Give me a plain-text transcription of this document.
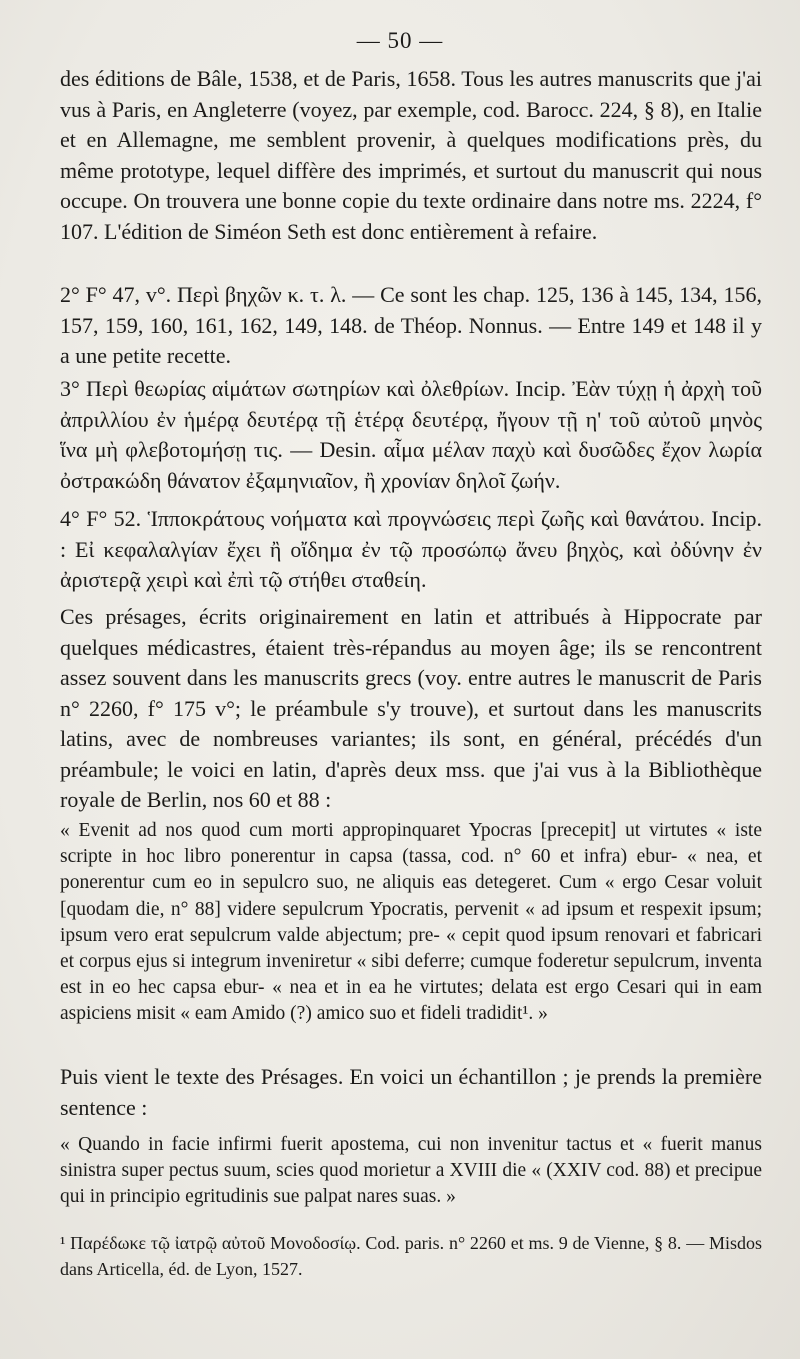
— 50 —

des éditions de Bâle, 1538, et de Paris, 1658. Tous les autres manuscrits que j'ai vus à Paris, en Angleterre (voyez, par exemple, cod. Barocc. 224, § 8), en Italie et en Allemagne, me semblent provenir, à quelques modifications près, du même prototype, lequel diffère des imprimés, et surtout du manuscrit qui nous occupe. On trouvera une bonne copie du texte ordinaire dans notre ms. 2224, f° 107. L'édition de Siméon Seth est donc entièrement à refaire.

2° F° 47, v°. Περὶ βηχῶν κ. τ. λ. — Ce sont les chap. 125, 136 à 145, 134, 156, 157, 159, 160, 161, 162, 149, 148. de Théop. Nonnus. — Entre 149 et 148 il y a une petite recette.

3° Περὶ θεωρίας αἱμάτων σωτηρίων καὶ ὀλεθρίων. Incip. Ἐὰν τύχῃ ἡ ἀρχὴ τοῦ ἀπριλλίου ἐν ἡμέρᾳ δευτέρᾳ τῇ ἑτέρᾳ δευτέρᾳ, ἤγουν τῇ η' τοῦ αὐτοῦ μηνὸς ἵνα μὴ φλεβοτομήσῃ τις. — Desin. αἷμα μέλαν παχὺ καὶ δυσῶδες ἔχον λωρία ὀστρακώδη θάνατον ἐξαμηνιαῖον, ἢ χρονίαν δηλοῖ ζωήν.

4° F° 52. Ἱπποκράτους νοήματα καὶ προγνώσεις περὶ ζωῆς καὶ θανάτου. Incip. : Εἰ κεφαλαλγίαν ἔχει ἢ οἴδημα ἐν τῷ προσώπῳ ἄνευ βηχὸς, καὶ ὀδύνην ἐν ἀριστερᾷ χειρὶ καὶ ἐπὶ τῷ στήθει σταθείη.

Ces présages, écrits originairement en latin et attribués à Hippocrate par quelques médicastres, étaient très-répandus au moyen âge; ils se rencontrent assez souvent dans les manuscrits grecs (voy. entre autres le manuscrit de Paris n° 2260, f° 175 v°; le préambule s'y trouve), et surtout dans les manuscrits latins, avec de nombreuses variantes; ils sont, en général, précédés d'un préambule; le voici en latin, d'après deux mss. que j'ai vus à la Bibliothèque royale de Berlin, nos 60 et 88 :

« Evenit ad nos quod cum morti appropinquaret Ypocras [precepit] ut virtutes « iste scripte in hoc libro ponerentur in capsa (tassa, cod. n° 60 et infra) ebur- « nea, et ponerentur cum eo in sepulcro suo, ne aliquis eas detegeret. Cum « ergo Cesar voluit [quodam die, n° 88] videre sepulcrum Ypocratis, pervenit « ad ipsum et respexit ipsum; ipsum vero erat sepulcrum valde abjectum; pre- « cepit quod ipsum renovari et fabricari et corpus ejus si integrum inveniretur « sibi deferre; cumque foderetur sepulcrum, inventa est in eo hec capsa ebur- « nea et in ea he virtutes; delata est ergo Cesari qui in eam aspiciens misit « eam Amido (?) amico suo et fideli tradidit¹. »

Puis vient le texte des Présages. En voici un échantillon ; je prends la première sentence :

« Quando in facie infirmi fuerit apostema, cui non invenitur tactus et « fuerit manus sinistra super pectus suum, scies quod morietur a XVIII die « (XXIV cod. 88) et precipue qui in principio egritudinis sue palpat nares suas. »

¹ Παρέδωκε τῷ ἰατρῷ αὐτοῦ Μονοδοσίῳ. Cod. paris. n° 2260 et ms. 9 de Vienne, § 8. — Misdos dans Articella, éd. de Lyon, 1527.
